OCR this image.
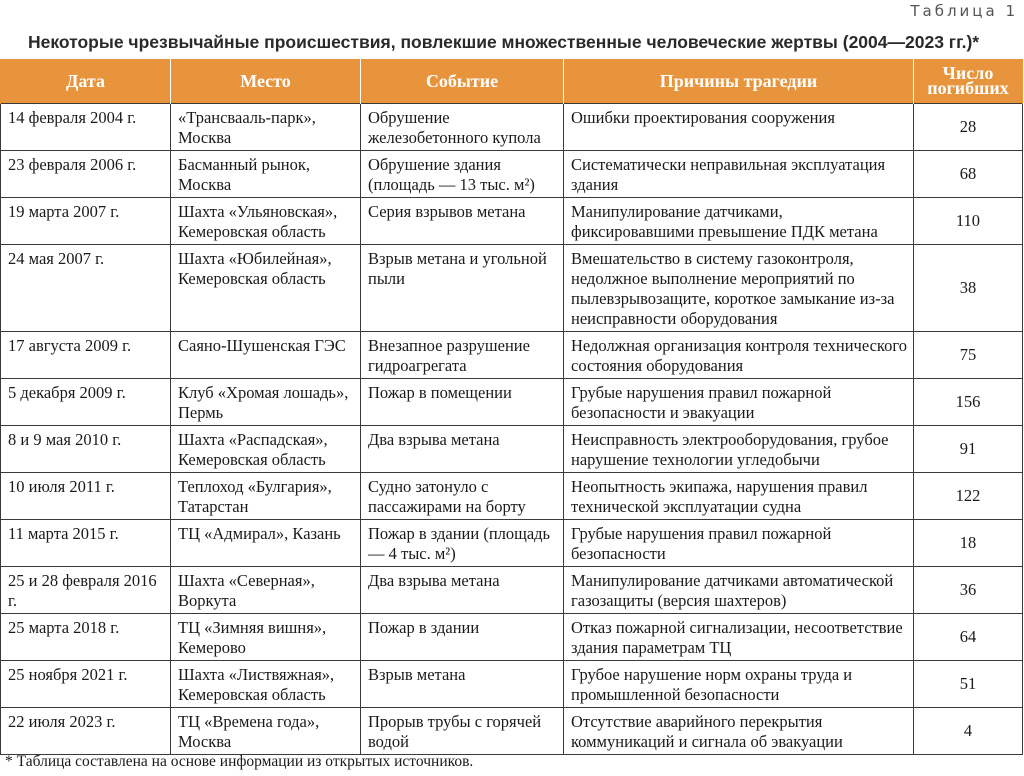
Таблица 1
Некоторые чрезвычайные происшествия, повлекшие множественные человеческие жертвы (2004—2023 гг.)*
Дата	Место	Событие	Причины трагедии	Число погибших
14 февраля 2004 г.	«Трансвааль-парк», Москва	Обрушение железобетонного купола	Ошибки проектирования сооружения	28
23 февраля 2006 г.	Басманный рынок, Москва	Обрушение здания (площадь — 13 тыс. м²)	Систематически неправильная эксплуатация здания	68
19 марта 2007 г.	Шахта «Ульяновская», Кемеровская область	Серия взрывов метана	Манипулирование датчиками, фиксировавшими превышение ПДК метана	110
24 мая 2007 г.	Шахта «Юбилейная», Кемеровская область	Взрыв метана и угольной пыли	Вмешательство в систему газоконтроля, недолжное выполнение мероприятий по пылевзрывозащите, короткое замыкание из-за неисправности оборудования	38
17 августа 2009 г.	Саяно-Шушенская ГЭС	Внезапное разрушение гидроагрегата	Недолжная организация контроля технического состояния оборудования	75
5 декабря 2009 г.	Клуб «Хромая лошадь», Пермь	Пожар в помещении	Грубые нарушения правил пожарной безопасности и эвакуации	156
8 и 9 мая 2010 г.	Шахта «Распадская», Кемеровская область	Два взрыва метана	Неисправность электрооборудования, грубое нарушение технологии угледобычи	91
10 июля 2011 г.	Теплоход «Булгария», Татарстан	Судно затонуло с пассажирами на борту	Неопытность экипажа, нарушения правил технической эксплуатации судна	122
11 марта 2015 г.	ТЦ «Адмирал», Казань	Пожар в здании (площадь — 4 тыс. м²)	Грубые нарушения правил пожарной безопасности	18
25 и 28 февраля 2016 г.	Шахта «Северная», Воркута	Два взрыва метана	Манипулирование датчиками автоматической газозащиты (версия шахтеров)	36
25 марта 2018 г.	ТЦ «Зимняя вишня», Кемерово	Пожар в здании	Отказ пожарной сигнализации, несоответствие здания параметрам ТЦ	64
25 ноября 2021 г.	Шахта «Листвяжная», Кемеровская область	Взрыв метана	Грубое нарушение норм охраны труда и промышленной безопасности	51
22 июля 2023 г.	ТЦ «Времена года», Москва	Прорыв трубы с горячей водой	Отсутствие аварийного перекрытия коммуникаций и сигнала об эвакуации	4
* Таблица составлена на основе информации из открытых источников.
